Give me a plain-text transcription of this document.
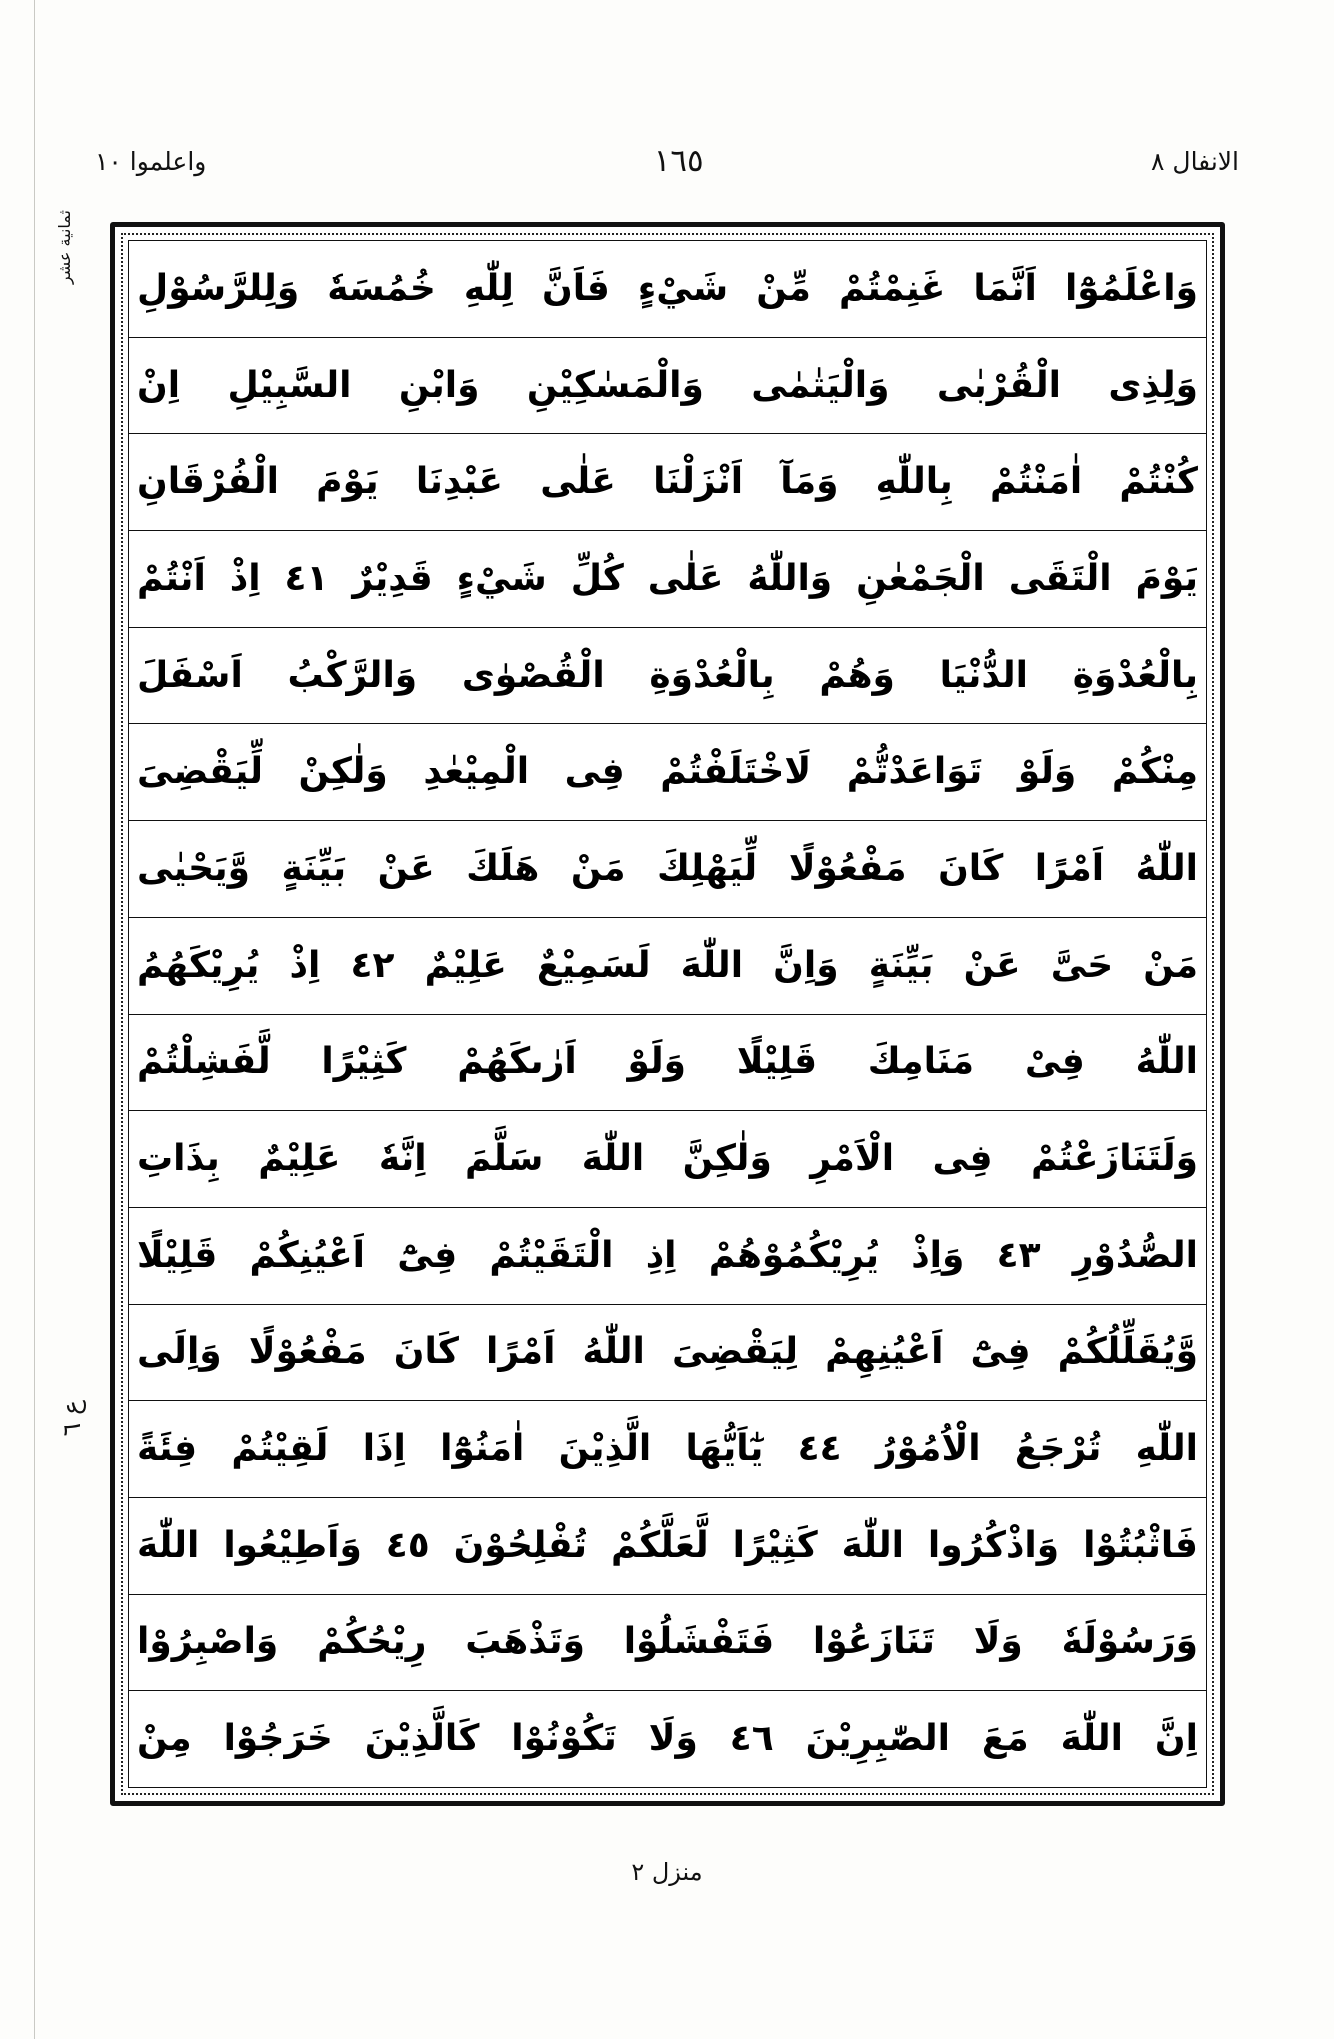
الانفال ٨
١٦٥
واعلموا ١٠
ثمانیة عشر
ع ٦
وَاعْلَمُوْٓا اَنَّمَا غَنِمْتُمْ مِّنْ شَيْءٍ فَاَنَّ لِلّٰهِ خُمُسَهٗ وَلِلرَّسُوْلِ
وَلِذِى الْقُرْبٰى وَالْيَتٰمٰى وَالْمَسٰكِيْنِ وَابْنِ السَّبِيْلِ اِنْ
كُنْتُمْ اٰمَنْتُمْ بِاللّٰهِ وَمَآ اَنْزَلْنَا عَلٰى عَبْدِنَا يَوْمَ الْفُرْقَانِ
يَوْمَ الْتَقَى الْجَمْعٰنِ وَاللّٰهُ عَلٰى كُلِّ شَيْءٍ قَدِيْرٌ ٤١ اِذْ اَنْتُمْ
بِالْعُدْوَةِ الدُّنْيَا وَهُمْ بِالْعُدْوَةِ الْقُصْوٰى وَالرَّكْبُ اَسْفَلَ
مِنْكُمْ وَلَوْ تَوَاعَدْتُّمْ لَاخْتَلَفْتُمْ فِى الْمِيْعٰدِ وَلٰكِنْ لِّيَقْضِىَ
اللّٰهُ اَمْرًا كَانَ مَفْعُوْلًا لِّيَهْلِكَ مَنْ هَلَكَ عَنْ بَيِّنَةٍ وَّيَحْيٰى
مَنْ حَىَّ عَنْ بَيِّنَةٍ وَاِنَّ اللّٰهَ لَسَمِيْعٌ عَلِيْمٌ ٤٢ اِذْ يُرِيْكَهُمُ
اللّٰهُ فِىْ مَنَامِكَ قَلِيْلًا وَلَوْ اَرٰىكَهُمْ كَثِيْرًا لَّفَشِلْتُمْ
وَلَتَنَازَعْتُمْ فِى الْاَمْرِ وَلٰكِنَّ اللّٰهَ سَلَّمَ اِنَّهٗ عَلِيْمٌ بِذَاتِ
الصُّدُوْرِ ٤٣ وَاِذْ يُرِيْكُمُوْهُمْ اِذِ الْتَقَيْتُمْ فِىْٓ اَعْيُنِكُمْ قَلِيْلًا
وَّيُقَلِّلُكُمْ فِىْٓ اَعْيُنِهِمْ لِيَقْضِىَ اللّٰهُ اَمْرًا كَانَ مَفْعُوْلًا وَاِلَى
اللّٰهِ تُرْجَعُ الْاُمُوْرُ ٤٤ يٰٓاَيُّهَا الَّذِيْنَ اٰمَنُوْٓا اِذَا لَقِيْتُمْ فِئَةً
فَاثْبُتُوْا وَاذْكُرُوا اللّٰهَ كَثِيْرًا لَّعَلَّكُمْ تُفْلِحُوْنَ ٤٥ وَاَطِيْعُوا اللّٰهَ
وَرَسُوْلَهٗ وَلَا تَنَازَعُوْا فَتَفْشَلُوْا وَتَذْهَبَ رِيْحُكُمْ وَاصْبِرُوْا
اِنَّ اللّٰهَ مَعَ الصّٰبِرِيْنَ ٤٦ وَلَا تَكُوْنُوْا كَالَّذِيْنَ خَرَجُوْا مِنْ
منزل ٢
